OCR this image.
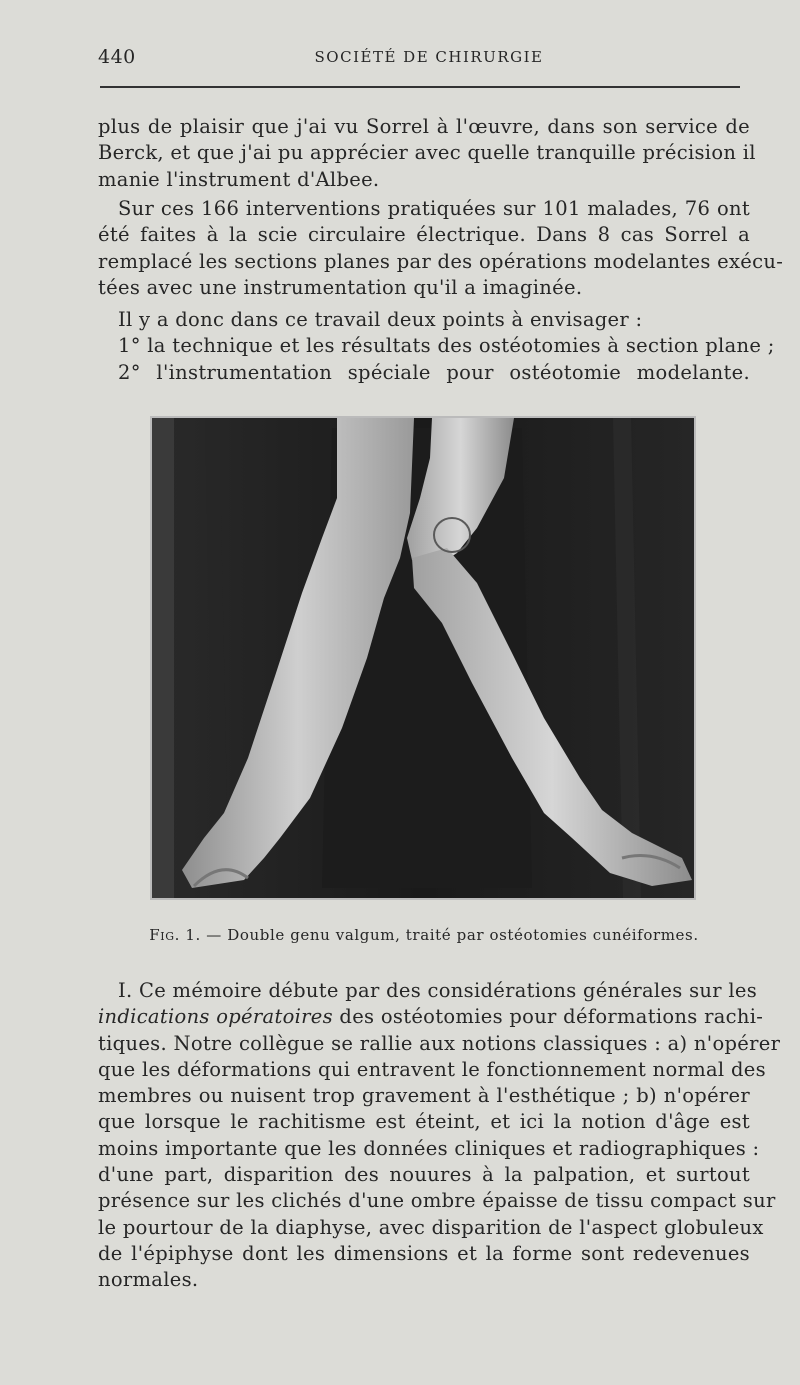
440	SOCIÉTÉ DE CHIRURGIE
plus de plaisir que j'ai vu Sorrel à l'œuvre, dans son service de
Berck, et que j'ai pu apprécier avec quelle tranquille précision il
manie l'instrument d'Albee.
Sur ces 166 interventions pratiquées sur 101 malades, 76 ont
été faites à la scie circulaire électrique. Dans 8 cas Sorrel a
remplacé les sections planes par des opérations modelantes exécu-
tées avec une instrumentation qu'il a imaginée.
Il y a donc dans ce travail deux points à envisager :
1° la technique et les résultats des ostéotomies à section plane ;
2° l'instrumentation spéciale pour ostéotomie modelante.
Fig. 1. — Double genu valgum, traité par ostéotomies cunéiformes.
I. Ce mémoire débute par des considérations générales sur les
indications opératoires des ostéotomies pour déformations rachi-
tiques. Notre collègue se rallie aux notions classiques : a) n'opérer
que les déformations qui entravent le fonctionnement normal des
membres ou nuisent trop gravement à l'esthétique ; b) n'opérer
que lorsque le rachitisme est éteint, et ici la notion d'âge est
moins importante que les données cliniques et radiographiques :
d'une part, disparition des nouures à la palpation, et surtout
présence sur les clichés d'une ombre épaisse de tissu compact sur
le pourtour de la diaphyse, avec disparition de l'aspect globuleux
de l'épiphyse dont les dimensions et la forme sont redevenues
normales.
